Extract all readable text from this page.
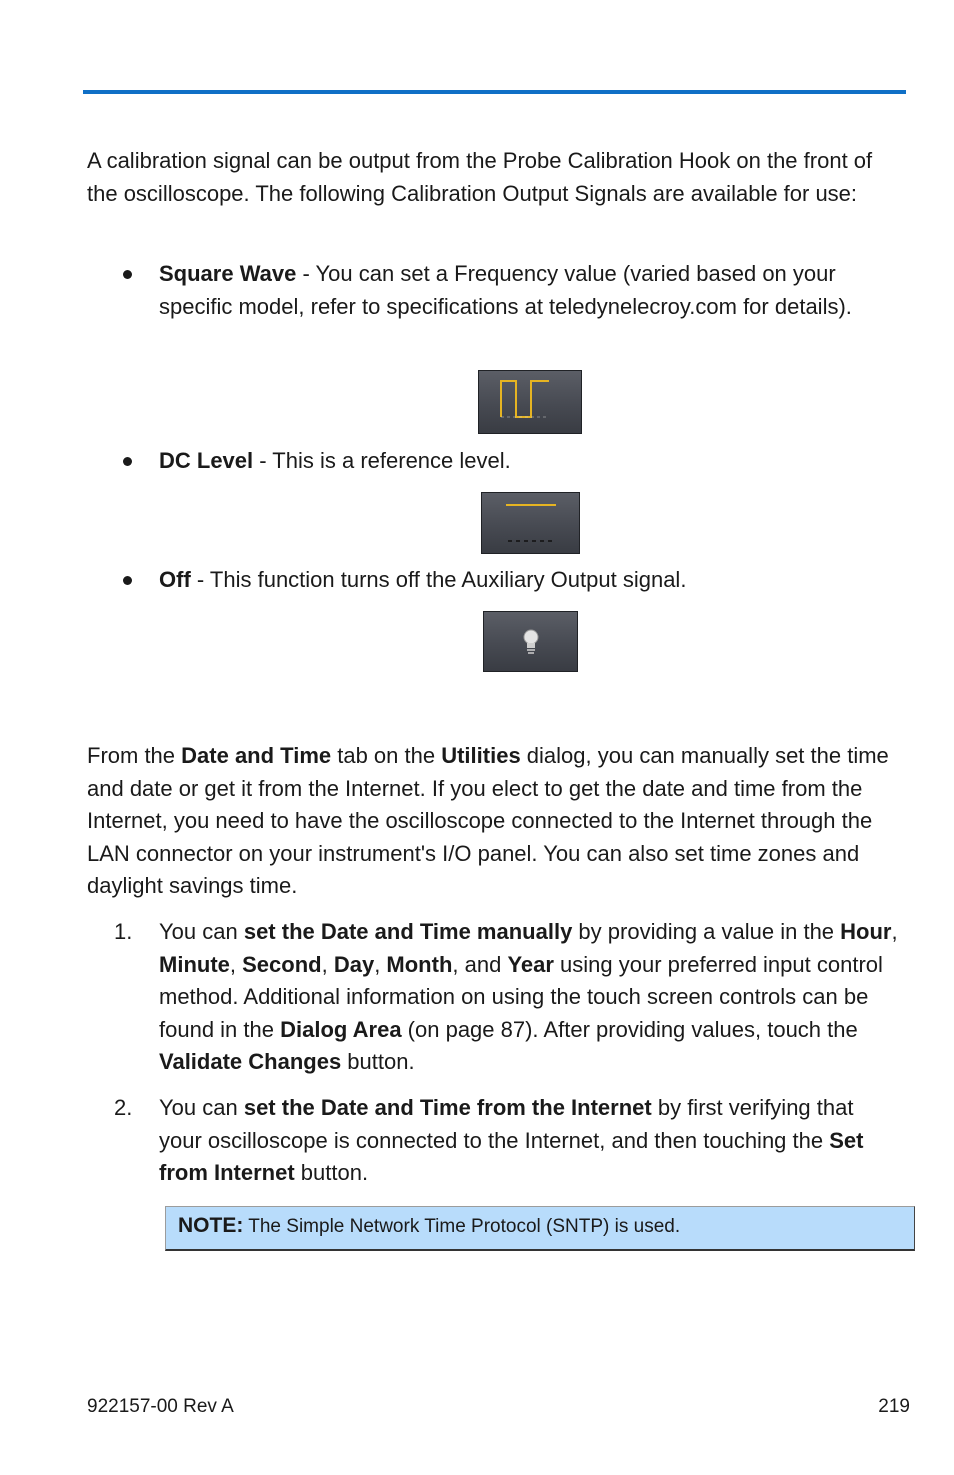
A calibration signal can be output from the Probe Calibration Hook on the front of the oscilloscope. The following Calibration Output Signals are available for use:

Square Wave - You can set a Frequency value (varied based on your specific model, refer to specifications at teledynelecroy.com for details).

DC Level - This is a reference level.

Off - This function turns off the Auxiliary Output signal.

From the Date and Time tab on the Utilities dialog, you can manually set the time and date or get it from the Internet. If you elect to get the date and time from the Internet, you need to have the oscilloscope connected to the Internet through the LAN connector on your instrument's I/O panel. You can also set time zones and daylight savings time.

1. You can set the Date and Time manually by providing a value in the Hour, Minute, Second, Day, Month, and Year using your preferred input control method. Additional information on using the touch screen controls can be found in the Dialog Area (on page 87). After providing values, touch the Validate Changes button.

2. You can set the Date and Time from the Internet by first verifying that your oscilloscope is connected to the Internet, and then touching the Set from Internet button.

NOTE: The Simple Network Time Protocol (SNTP) is used.
922157-00 Rev A	219
